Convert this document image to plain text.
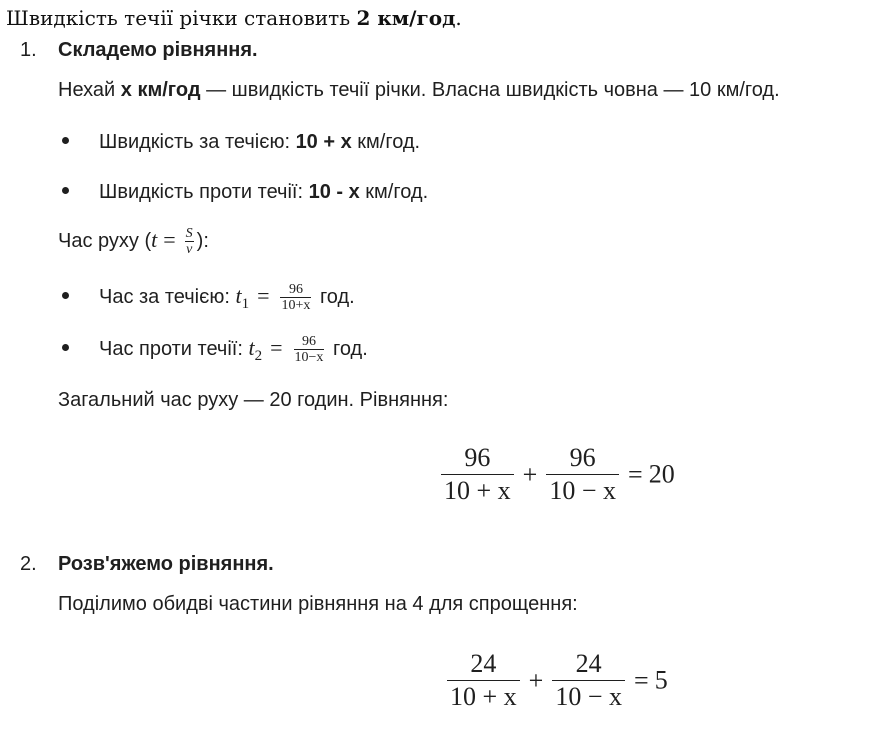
Швидкість течії річки становить 2 км/год.
1. Складемо рівняння.
Нехай x км/год — швидкість течії річки. Власна швидкість човна — 10 км/год.
Швидкість за течією: 10 + x км/год.
Швидкість проти течії: 10 - x км/год.
Час руху ($t = \frac{S}{v}$ ):
Час за течією: $t_1 = \frac{96}{10+x}$ год.
Час проти течії: $t_2 = \frac{96}{10-x}$ год.
Загальний час руху — 20 годин. Рівняння:
$\frac{96}{10 + x} + \frac{96}{10 - x} = 20$
2. Розв'яжемо рівняння.
Поділимо обидві частини рівняння на 4 для спрощення:
$\frac{24}{10 + x} + \frac{24}{10 - x} = 5$
